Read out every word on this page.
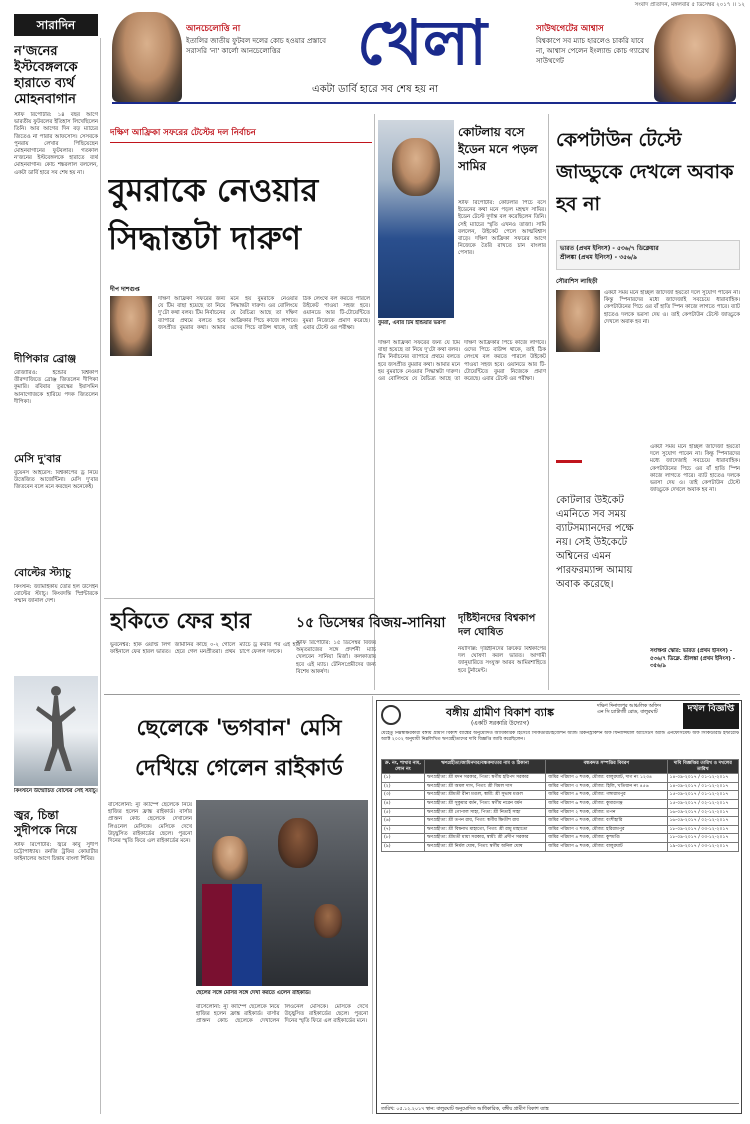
সংবাদ প্রতিদিন, মঙ্গলবার ৫ ডিসেম্বর ২০১৭ ।। ১২
সারাদিন	আনচেলোত্তি না
ইতালির জাতীয় ফুটবল দলের কোচ হওয়ার প্রস্তাবে সরাসরি 'না' কার্লো আনচেলোত্তির	খেলা	সাউথগেটের আশ্বাস
বিশ্বকাপে সব ম্যাচ হারলেও চাকরি যাবে না, আশ্বাস পেলেন ইংল্যান্ড কোচ গ্যারেথ সাউথগেট
একটা ডার্বি হারে সব শেষ হয় না
ন'জনের ইস্টবেঙ্গলকে হারাতে ব্যর্থ মোহনবাগান
স্টাফ রিপোর্টার: ১৪ বছর আগে ভারতীয় ফুটবলের ইতিহাস লিখেছিলেন তিনি। আর আগের দিন বড় ম্যাচের জিতেও না পারার আফসোস। সেসবকে পুনরায় লেখার পিছিয়েছেন মোহনবাগানের ফুটবলার। গতকাল ন'জনের ইস্টবেঙ্গলকে হারাতে ব্যর্থ মোহনবাগান। কোচ শঙ্করলাল বললেন, একটা ডার্বি হারে সব শেষ হয় না।
দীপিকার ব্রোঞ্জ
রোজারিও: ইন্ডোর বিশ্বকাপ তীরন্দাজিতে ব্রোঞ্জ জিতলেন দীপিকা কুমারি। রবিবার তুরস্কের ইয়াসমিন আনাগোজকে হারিয়ে পদক জিতলেন দীপিকা।
মেসি দু'বার
বুয়েনস আইরেস: বিশ্বকাপের ড্র নিয়ে উত্তেজিত আর্জেন্টিনা। মেসি দু'বার জিতবেন বলে মনে করছেন অনেকেই।
বোল্টের স্ট্যাচু
কিংস্টন: জ্যামাইকায় তৈরি হল উসেইন বোল্টের স্ট্যাচু। কিংবদন্তি স্প্রিন্টারকে সম্মান জানাল দেশ।
কিংস্টনে উন্মোচিত বোল্টের সেই স্ট্যাচু।
জ্বর, চিন্তা সুদীপকে নিয়ে
স্টাফ রিপোর্টার: জ্বরে কাবু সুদীপ চট্টোপাধ্যায়। রনজি ট্রফির কোয়ার্টার ফাইনালের আগে চিন্তায় বাংলা শিবির।
দক্ষিণ আফ্রিকা সফরের টেস্টের দল নির্বাচন
বুমরাকে নেওয়ার সিদ্ধান্তটা দারুণ
দীপ দাশগুপ্ত
দক্ষিণ আফ্রিকা সফরের জন্য যে টিম বাছা হয়েছে তা নিয়ে দু'টো কথা বলব। টিম নির্বাচনের ব্যাপারে প্রথমে বলতে হবে জসপ্রীত বুমরার কথা। আমার মনে হয় বুমরাকে নেওয়ার সিদ্ধান্তটা দারুণ। ওর বোলিংয়ে যে বৈচিত্র্য আছে তা দক্ষিণ আফ্রিকার পিচে কাজে লাগবে। ওদের পিচে বাউন্স থাকে, তাই ঠিক লেংথে বল করতে পারলে উইকেট পাওয়া সহজ হবে। ওয়ানডে আর টি-টোয়েন্টিতে বুমরা নিজেকে প্রমাণ করেছে। এবার টেস্টে ওর পরীক্ষা।
বুমরা, এবার টিম ইন্ডিয়ার ভরসা
কোটলায় বসে ইডেন মনে পড়ল সামির
স্টাফ রিপোর্টার: কোটলার পিচে বসে ইডেনের কথা মনে পড়ল মহম্মদ সামির। ইডেন টেস্টে দুর্দান্ত বল করেছিলেন তিনি। সেই ম্যাচের স্মৃতি এখনও তাজা। সামি বললেন, উইকেট পেলে আত্মবিশ্বাস বাড়ে। দক্ষিণ আফ্রিকা সফরের আগে নিজেকে তৈরি রাখতে চান বাংলার পেসার।
দক্ষিণ আফ্রিকা সফরের জন্য যে টিম বাছা হয়েছে তা নিয়ে দু'টো কথা বলব। টিম নির্বাচনের ব্যাপারে প্রথমে বলতে হবে জসপ্রীত বুমরার কথা। আমার মনে হয় বুমরাকে নেওয়ার সিদ্ধান্তটা দারুণ। ওর বোলিংয়ে যে বৈচিত্র্য আছে তা দক্ষিণ আফ্রিকার পিচে কাজে লাগবে। ওদের পিচে বাউন্স থাকে, তাই ঠিক লেংথে বল করতে পারলে উইকেট পাওয়া সহজ হবে। ওয়ানডে আর টি-টোয়েন্টিতে বুমরা নিজেকে প্রমাণ করেছে। এবার টেস্টে ওর পরীক্ষা।
দৃষ্টিহীনদের বিশ্বকাপ দল ঘোষিত
নয়াদিল্লি: দৃষ্টিহীনদের ক্রিকেট বিশ্বকাপের দল ঘোষণা করল ভারত। আগামী জানুয়ারিতে সংযুক্ত আরব আমিরশাহিতে হবে টুর্নামেন্ট।
কেপটাউন টেস্টে জাড্ডুকে দেখলে অবাক হব না
ভারত (প্রথম ইনিংস) - ৫৩৬/৭ ডিক্লেয়ার
শ্রীলঙ্কা (প্রথম ইনিংস) - ৩৫৬/৯
সৌরাশিস লাহিড়ী
একটা সময় মনে হচ্ছিল জাদেজা হয়তো দলে সুযোগ পাবেন না। কিন্তু স্পিনারদের মধ্যে জাদেজাই সবচেয়ে ধারাবাহিক। কেপটাউনের পিচে ওর বাঁ হাতি স্পিন কাজে লাগতে পারে। ব্যাট হাতেও দলকে ভরসা দেয় ও। তাই কেপটাউন টেস্টে জাড্ডুকে দেখলে অবাক হব না।
কোটলার উইকেট এমনিতে সব সময় ব্যাটসম্যানদের পক্ষে নয়। সেই উইকেটে অশ্বিনের এমন পারফরম্যান্স আমায় অবাক করেছে।
একটা সময় মনে হচ্ছিল জাদেজা হয়তো দলে সুযোগ পাবেন না। কিন্তু স্পিনারদের মধ্যে জাদেজাই সবচেয়ে ধারাবাহিক। কেপটাউনের পিচে ওর বাঁ হাতি স্পিন কাজে লাগতে পারে। ব্যাট হাতেও দলকে ভরসা দেয় ও। তাই কেপটাউন টেস্টে জাড্ডুকে দেখলে অবাক হব না।
সংক্ষিপ্ত স্কোর: ভারত (প্রথম ইনিংস) - ৫৩৬/৭ ডিক্লে. শ্রীলঙ্কা (প্রথম ইনিংস) - ৩৫৬/৯
হকিতে ফের হার
ভুবনেশ্বর: হকি ওয়ার্ল্ড লিগ ফাইনালে ফের হারল ভারত। জার্মানির কাছে ০-২ গোলে হেরে গেল মনপ্রীতরা। প্রথম ম্যাচে ড্র করার পর এই হার চাপে ফেলল দলকে।
১৫ ডিসেম্বর বিজয়-সানিয়া
স্টাফ রিপোর্টার: ১৫ ডিসেম্বর বিজয় অমৃতরাজের সঙ্গে প্রদর্শনী ম্যাচ খেলবেন সানিয়া মির্জা। কলকাতায় হবে এই ম্যাচ। টেনিসপ্রেমীদের জন্য বিশেষ আকর্ষণ।
ছেলেকে 'ভগবান' মেসি দেখিয়ে গেলেন রাইকার্ড
ছেলের সঙ্গে মেসির সঙ্গে দেখা করতে এলেন রাইকার্ড।
বার্সেলোনা: ন্যু ক্যাম্পে ছেলেকে নিয়ে হাজির হলেন ফ্রাঙ্ক রাইকার্ড। বার্সার প্রাক্তন কোচ ছেলেকে দেখালেন লিওনেল মেসিকে। মেসিকে দেখে উচ্ছ্বসিত রাইকার্ডের ছেলে। পুরনো দিনের স্মৃতি ফিরে এল রাইকার্ডের মনে।
বার্সেলোনা: ন্যু ক্যাম্পে ছেলেকে নিয়ে হাজির হলেন ফ্রাঙ্ক রাইকার্ড। বার্সার প্রাক্তন কোচ ছেলেকে দেখালেন লিওনেল মেসিকে। মেসিকে দেখে উচ্ছ্বসিত রাইকার্ডের ছেলে। পুরনো দিনের স্মৃতি ফিরে এল রাইকার্ডের মনে।
বঙ্গীয় গ্রামীণ বিকাশ ব্যাঙ্ক
(একটি সরকারি উদ্যোগ)
দক্ষিণ দিনাজপুর আঞ্চলিক অফিস
এন সি চ্যাটার্জী রোড, বালুরঘাট	দখল বিজ্ঞপ্তি
যেহেতু নিম্নস্বাক্ষরকারী বঙ্গীয় গ্রামীণ বিকাশ ব্যাঙ্কের অনুমোদিত আধিকারিক হিসেবে সিকিউরিটাইজেশন অ্যান্ড রিকনস্ট্রাকশন অফ ফিনান্সিয়াল অ্যাসেটস অ্যান্ড এনফোর্সমেন্ট অফ সিকিউরিটি ইন্টারেস্ট অ্যাক্ট ২০০২ অনুযায়ী নিম্নলিখিত ঋণগ্রহীতাদের দাবি বিজ্ঞপ্তি জারি করেছিলেন।
ক্র. নং, শাখার নাম, লোন নং	ঋণগ্রহীতা/জামিনদার/বন্ধকদাতার নাম ও ঠিকানা	বন্ধকদত্ত সম্পত্তির বিবরণ	দাবি বিজ্ঞপ্তির তারিখ ও দখলের তারিখ
(১)	ঋণগ্রহীতা: শ্রী মদন সরকার, পিতা: স্বর্গীয় হরিপদ সরকার	জমির পরিমাণ ৫ শতক, মৌজা: বালুরঘাট, দাগ নং ১২৩৪	১৪-০৯-২০১৭ / ০১-১২-২০১৭
(২)	ঋণগ্রহীতা: শ্রী অমল দাস, পিতা: শ্রী বিমল দাস	জমির পরিমাণ ৩ শতক, মৌজা: হিলি, খতিয়ান নং ৪৫৬	১৪-০৯-২০১৭ / ০১-১২-২০১৭
(৩)	ঋণগ্রহীতা: শ্রীমতী রীনা মণ্ডল, স্বামী: শ্রী সুভাষ মণ্ডল	জমির পরিমাণ ৪ শতক, মৌজা: গঙ্গারামপুর	১৫-০৯-২০১৭ / ০১-১২-২০১৭
(৪)	ঋণগ্রহীতা: শ্রী সুকুমার বর্মন, পিতা: স্বর্গীয় নরেন বর্মন	জমির পরিমাণ ৬ শতক, মৌজা: কুমারগঞ্জ	১৫-০৯-২০১৭ / ০২-১২-২০১৭
(৫)	ঋণগ্রহীতা: শ্রী গোপাল সাহা, পিতা: শ্রী নিতাই সাহা	জমির পরিমাণ ২ শতক, মৌজা: তপন	১৬-০৯-২০১৭ / ০২-১২-২০১৭
(৬)	ঋণগ্রহীতা: শ্রী তপন রায়, পিতা: স্বর্গীয় ক্ষিতীশ রায়	জমির পরিমাণ ৫ শতক, মৌজা: বংশীহারি	১৬-০৯-২০১৭ / ০২-১২-২০১৭
(৭)	ঋণগ্রহীতা: শ্রী বিশ্বনাথ মাহাতো, পিতা: শ্রী রামু মাহাতো	জমির পরিমাণ ৩ শতক, মৌজা: হরিরামপুর	১৮-০৯-২০১৭ / ০৩-১২-২০১৭
(৮)	ঋণগ্রহীতা: শ্রীমতী মায়া সরকার, স্বামী: শ্রী প্রদীপ সরকার	জমির পরিমাণ ৪ শতক, মৌজা: কুশমণ্ডি	১৮-০৯-২০১৭ / ০৩-১২-২০১৭
(৯)	ঋণগ্রহীতা: শ্রী নির্মল ঘোষ, পিতা: স্বর্গীয় অনিল ঘোষ	জমির পরিমাণ ৬ শতক, মৌজা: বালুরঘাট	১৯-০৯-২০১৭ / ০৩-১২-২০১৭
তারিখ: ০৫.১২.২০১৭ স্থান: বালুরঘাট অনুমোদিত আধিকারিক, বঙ্গীয় গ্রামীণ বিকাশ ব্যাঙ্ক
